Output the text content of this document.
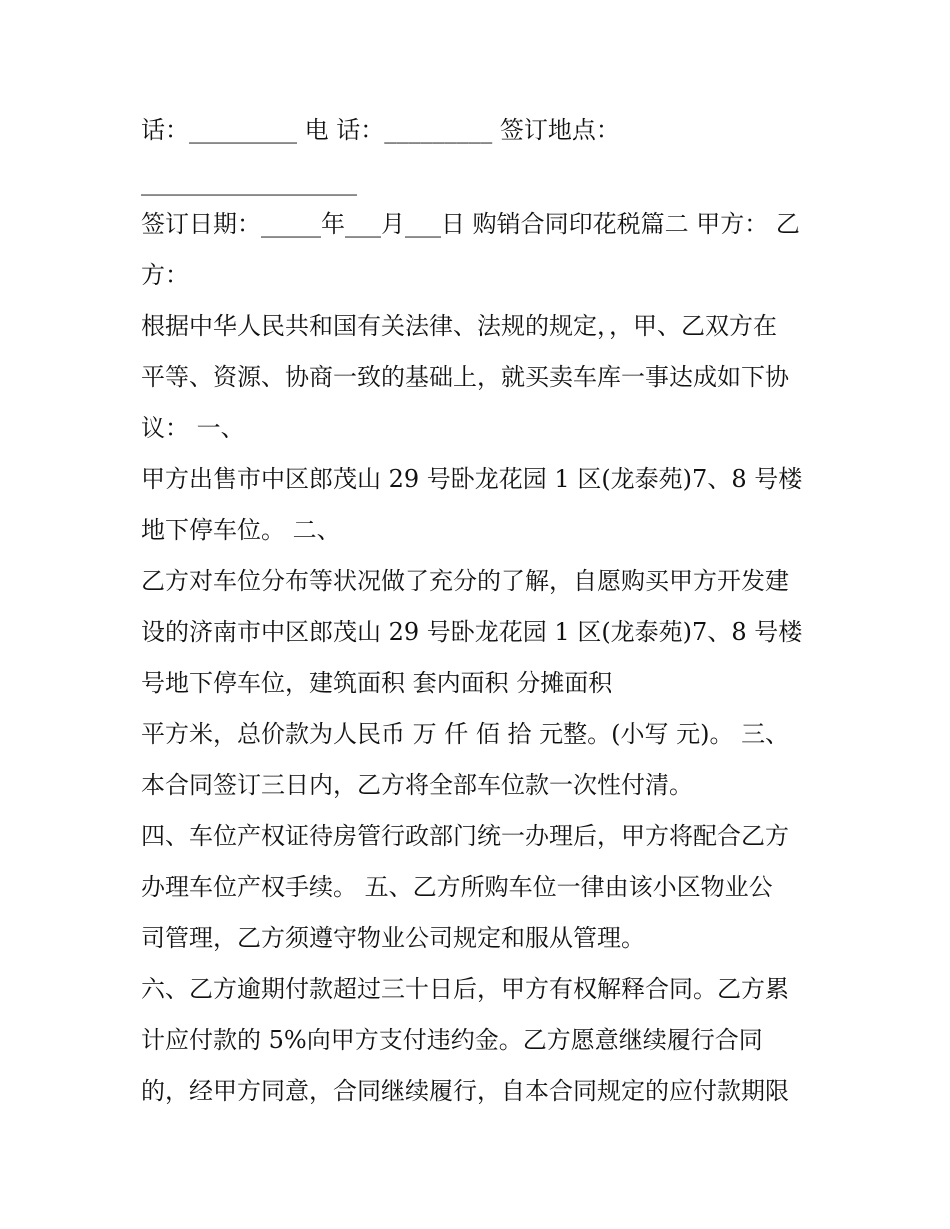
话：_________ 电 话：_________ 签订地点：
__________________
签订日期：_____年___月___日 购销合同印花税篇二 甲方： 乙
方：
根据中华人民共和国有关法律、法规的规定，，甲、乙双方在
平等、资源、协商一致的基础上，就买卖车库一事达成如下协
议： 一、
甲方出售市中区郎茂山 29 号卧龙花园 1 区(龙泰苑)7、8 号楼
地下停车位。 二、
乙方对车位分布等状况做了充分的了解，自愿购买甲方开发建
设的济南市中区郎茂山 29 号卧龙花园 1 区(龙泰苑)7、8 号楼
号地下停车位，建筑面积 套内面积 分摊面积
平方米，总价款为人民币 万 仟 佰 拾 元整。(小写 元)。 三、
本合同签订三日内，乙方将全部车位款一次性付清。
四、车位产权证待房管行政部门统一办理后，甲方将配合乙方
办理车位产权手续。 五、乙方所购车位一律由该小区物业公
司管理，乙方须遵守物业公司规定和服从管理。
六、乙方逾期付款超过三十日后，甲方有权解释合同。乙方累
计应付款的 5%向甲方支付违约金。乙方愿意继续履行合同
的，经甲方同意，合同继续履行，自本合同规定的应付款期限
